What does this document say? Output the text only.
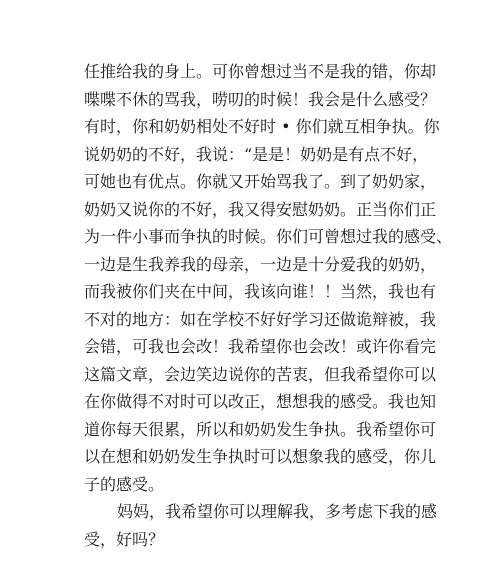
任推给我的身上。可你曾想过当不是我的错，你却
喋喋不休的骂我，唠叨的时候！我会是什么感受？
有时，你和奶奶相处不好时 • 你们就互相争执。你
说奶奶的不好，我说：“是是！奶奶是有点不好，
可她也有优点。你就又开始骂我了。到了奶奶家，
奶奶又说你的不好，我又得安慰奶奶。正当你们正
为一件小事而争执的时候。你们可曾想过我的感受、
一边是生我养我的母亲，一边是十分爱我的奶奶，
而我被你们夹在中间，我该向谁！！当然，我也有
不对的地方：如在学校不好好学习还做诡辩被，我
会错，可我也会改！我希望你也会改！或许你看完
这篇文章，会边笑边说你的苦衷，但我希望你可以
在你做得不对时可以改正，想想我的感受。我也知
道你每天很累，所以和奶奶发生争执。我希望你可
以在想和奶奶发生争执时可以想象我的感受，你儿
子的感受。
妈妈，我希望你可以理解我，多考虑下我的感
受，好吗？
